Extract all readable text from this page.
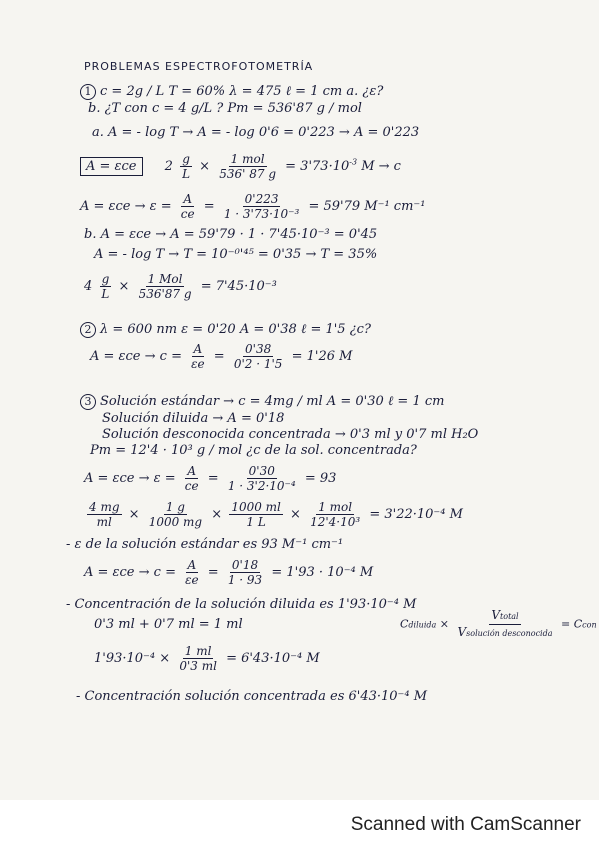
PROBLEMAS ESPECTROFOTOMETRÍA
1 c = 2g / L T = 60% λ = 475 ℓ = 1 cm a. ¿ε?
b. ¿T con c = 4 g/L ? Pm = 536'87 g / mol
a. A = - log T → A = - log 0'6 = 0'223 → A = 0'223
A = εce $2 \frac{g}{L} \times \frac{\text{1 mol}}{536' 87 g} = 3'73\cdot 10^{-3}$ M → c
$A = \varepsilon ce \to \varepsilon = \frac{A}{ce} = \frac{0'223}{\text{1 · 3'73·10⁻³}} = 59'79$ M⁻¹ cm⁻¹
b. A = εce → A = 59'79 · 1 · 7'45·10⁻³ = 0'45
A = - log T → T = 10⁻⁰'⁴⁵ = 0'35 → T = 35%
$4 \frac{g}{L} \times \frac{\text{1 Mol}}{536'87 g} = 7'45\cdot 10^{-3}$
2 λ = 600 nm ε = 0'20 A = 0'38 ℓ = 1'5 ¿c?
$A = \varepsilon ce \to c = \frac{A}{\varepsilon e} = \frac{0'38}{0'2 \cdot 1'5} = 1'26$ M
3 Solución estándar → c = 4mg / ml A = 0'30 ℓ = 1 cm
Solución diluida → A = 0'18
Solución desconocida concentrada → 0'3 ml y 0'7 ml H₂O
Pm = 12'4 · 10³ g / mol ¿c de la sol. concentrada?
$A = \varepsilon ce \to \varepsilon = \frac{A}{ce} = \frac{0'30}{\text{1 · 3'2·10⁻⁴}} = 93$
$\frac{4 mg}{ml} \times \frac{1 g}{1000 mg} \times \frac{1000 ml}{1 L} \times \frac{\text{1 mol}}{\text{12'4·10³}} = 3'22\cdot 10^{-4}$ M
- ε de la solución estándar es 93 M⁻¹ cm⁻¹
$A = \varepsilon ce \to c = \frac{A}{\varepsilon e} = \frac{0'18}{1 \cdot 93} = 1'93 \cdot 10^{-4}$ M
- Concentración de la solución diluida es 1'93·10⁻⁴ M
0'3 ml + 0'7 ml = 1 ml	Cdiluida × $\frac{\text{Vtotal}}{\text{Vsolución desconocida}}$ = Ccon
$1'93\cdot 10^{-4} \times \frac{1 ml}{0'3 ml} = 6'43\cdot 10^{-4}$ M
- Concentración solución concentrada es 6'43·10⁻⁴ M
Scanned with CamScanner
